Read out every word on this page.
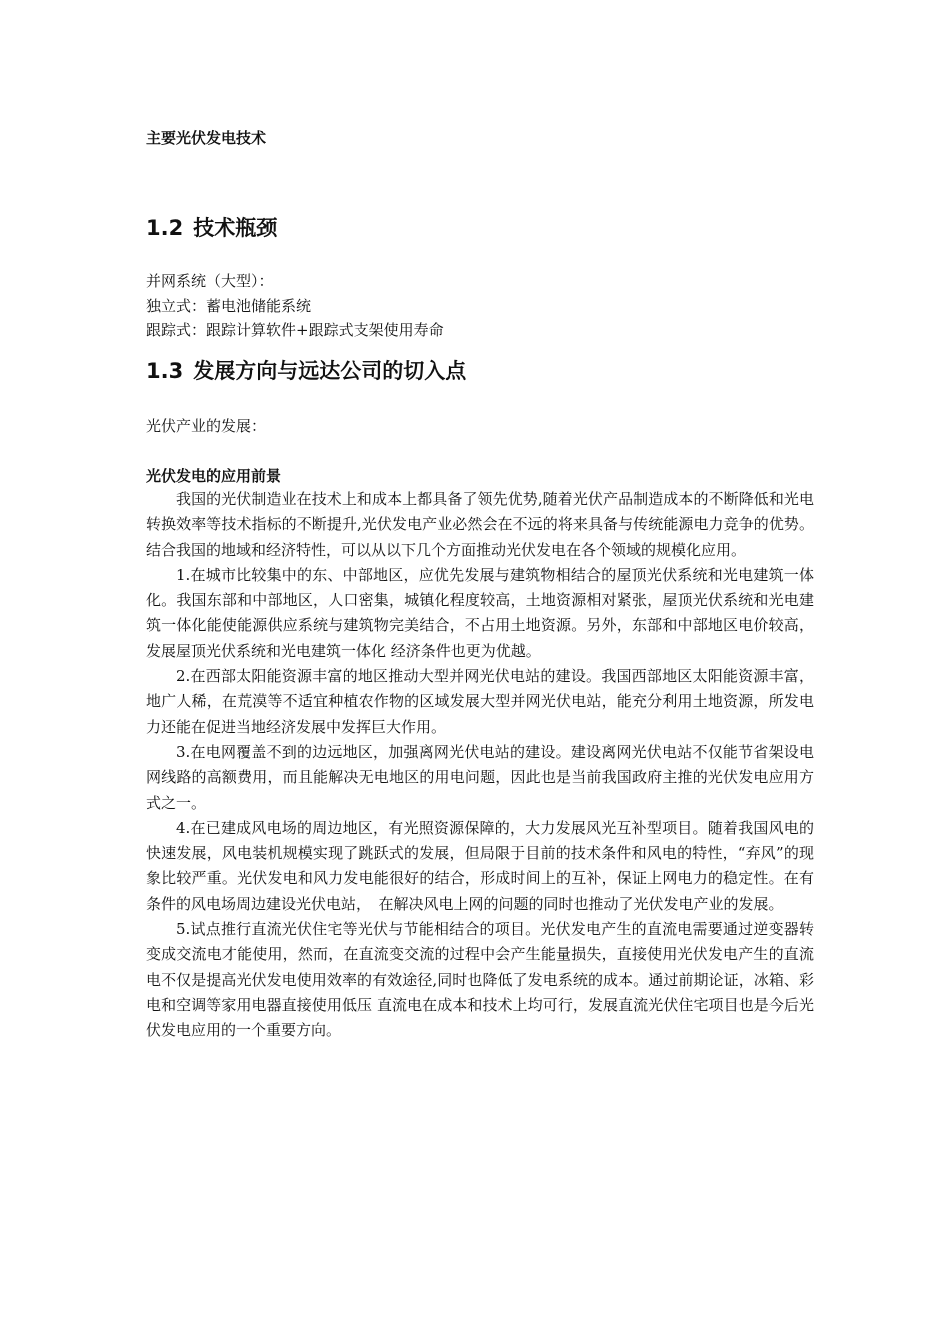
主要光伏发电技术
1.2 技术瓶颈
并网系统（大型）：
独立式：蓄电池储能系统
跟踪式：跟踪计算软件+跟踪式支架使用寿命
1.3 发展方向与远达公司的切入点
光伏产业的发展：
光伏发电的应用前景

我国的光伏制造业在技术上和成本上都具备了领先优势,随着光伏产品制造成本的不断降低和光电转换效率等技术指标的不断提升,光伏发电产业必然会在不远的将来具备与传统能源电力竞争的优势。结合我国的地域和经济特性，可以从以下几个方面推动光伏发电在各个领域的规模化应用。

1.在城市比较集中的东、中部地区，应优先发展与建筑物相结合的屋顶光伏系统和光电建筑一体化。我国东部和中部地区，人口密集，城镇化程度较高，土地资源相对紧张，屋顶光伏系统和光电建筑一体化能使能源供应系统与建筑物完美结合，不占用土地资源。另外，东部和中部地区电价较高，发展屋顶光伏系统和光电建筑一体化 经济条件也更为优越。

2.在西部太阳能资源丰富的地区推动大型并网光伏电站的建设。我国西部地区太阳能资源丰富，地广人稀，在荒漠等不适宜种植农作物的区域发展大型并网光伏电站，能充分利用土地资源，所发电力还能在促进当地经济发展中发挥巨大作用。

3.在电网覆盖不到的边远地区，加强离网光伏电站的建设。建设离网光伏电站不仅能节省架设电网线路的高额费用，而且能解决无电地区的用电问题，因此也是当前我国政府主推的光伏发电应用方式之一。

4.在已建成风电场的周边地区，有光照资源保障的，大力发展风光互补型项目。随着我国风电的快速发展，风电装机规模实现了跳跃式的发展，但局限于目前的技术条件和风电的特性，“弃风”的现象比较严重。光伏发电和风力发电能很好的结合，形成时间上的互补，保证上网电力的稳定性。在有条件的风电场周边建设光伏电站，　在解决风电上网的问题的同时也推动了光伏发电产业的发展。

5.试点推行直流光伏住宅等光伏与节能相结合的项目。光伏发电产生的直流电需要通过逆变器转变成交流电才能使用，然而，在直流变交流的过程中会产生能量损失，直接使用光伏发电产生的直流电不仅是提高光伏发电使用效率的有效途径,同时也降低了发电系统的成本。通过前期论证，冰箱、彩电和空调等家用电器直接使用低压 直流电在成本和技术上均可行，发展直流光伏住宅项目也是今后光伏发电应用的一个重要方向。
